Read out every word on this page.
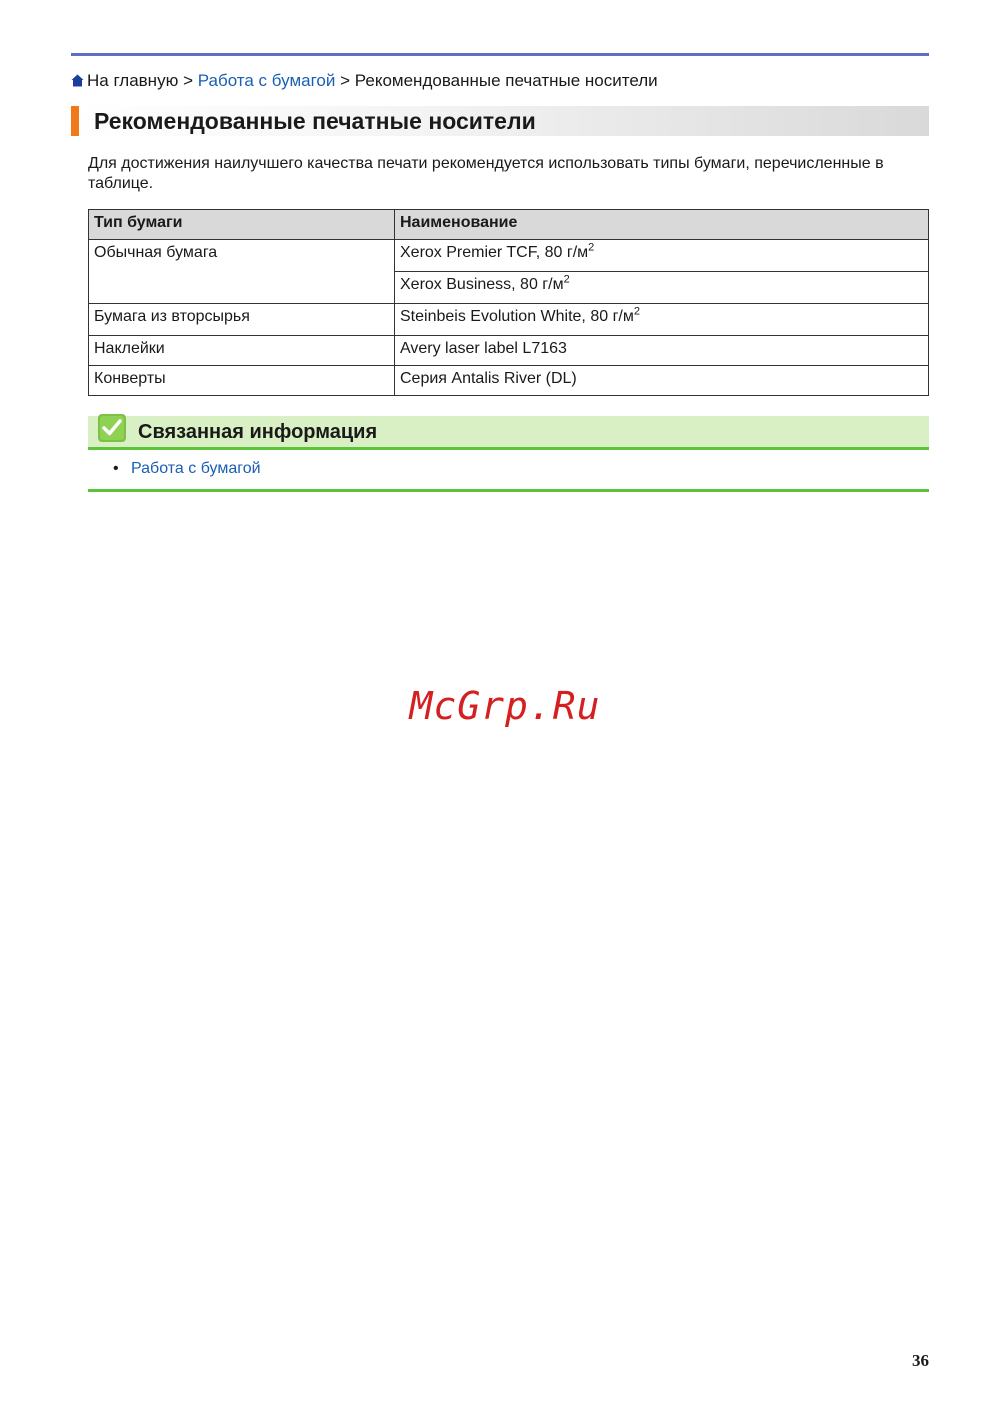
На главную > Работа с бумагой > Рекомендованные печатные носители
Рекомендованные печатные носители
Для достижения наилучшего качества печати рекомендуется использовать типы бумаги, перечисленные в таблице.
Тип бумаги	Наименование
Обычная бумага	Xerox Premier TCF, 80 $г/м^2$
	Xerox Business, 80 $г/м^2$
Бумага из вторсырья	Steinbeis Evolution White, 80 $г/м^2$
Наклейки	Avery laser label L7163
Конверты	Серия Antalis River (DL)
Связанная информация
• Работа с бумагой
McGrp.Ru
36
